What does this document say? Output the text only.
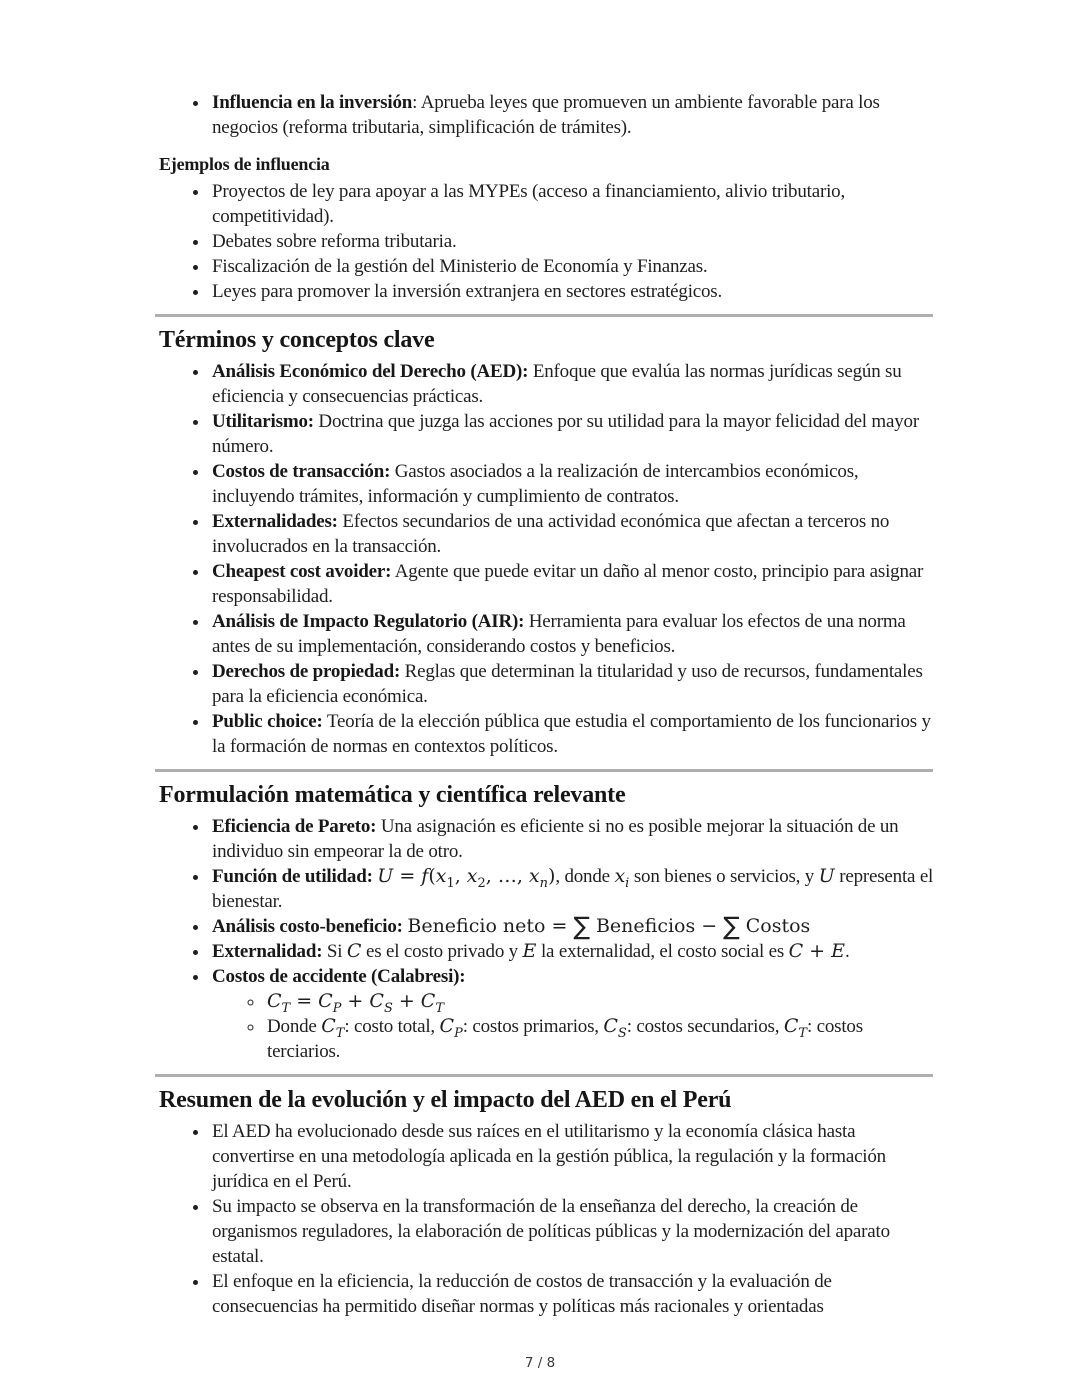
• Influencia en la inversión: Aprueba leyes que promueven un ambiente favorable para los negocios (reforma tributaria, simplificación de trámites).
Ejemplos de influencia
• Proyectos de ley para apoyar a las MYPEs (acceso a financiamiento, alivio tributario, competitividad).
• Debates sobre reforma tributaria.
• Fiscalización de la gestión del Ministerio de Economía y Finanzas.
• Leyes para promover la inversión extranjera en sectores estratégicos.
Términos y conceptos clave
• Análisis Económico del Derecho (AED): Enfoque que evalúa las normas jurídicas según su eficiencia y consecuencias prácticas.
• Utilitarismo: Doctrina que juzga las acciones por su utilidad para la mayor felicidad del mayor número.
• Costos de transacción: Gastos asociados a la realización de intercambios económicos, incluyendo trámites, información y cumplimiento de contratos.
• Externalidades: Efectos secundarios de una actividad económica que afectan a terceros no involucrados en la transacción.
• Cheapest cost avoider: Agente que puede evitar un daño al menor costo, principio para asignar responsabilidad.
• Análisis de Impacto Regulatorio (AIR): Herramienta para evaluar los efectos de una norma antes de su implementación, considerando costos y beneficios.
• Derechos de propiedad: Reglas que determinan la titularidad y uso de recursos, fundamentales para la eficiencia económica.
• Public choice: Teoría de la elección pública que estudia el comportamiento de los funcionarios y la formación de normas en contextos políticos.
Formulación matemática y científica relevante
• Eficiencia de Pareto: Una asignación es eficiente si no es posible mejorar la situación de un individuo sin empeorar la de otro.
• Función de utilidad: $U = f(x_1$, $x_2$, …, $x_n$), donde $x_i$ son bienes o servicios, y U representa el bienestar.
• Análisis costo-beneficio: Beneficio neto = ∑ Beneficios − ∑ Costos
• Externalidad: Si C es el costo privado y E la externalidad, el costo social es C + E.
• Costos de accidente (Calabresi):
◦ $C_T = C_P + C_S + C_T$
◦ Donde $C_T$: costo total, $C_P$: costos primarios, $C_S$: costos secundarios, $C_T$: costos terciarios.
Resumen de la evolución y el impacto del AED en el Perú
• El AED ha evolucionado desde sus raíces en el utilitarismo y la economía clásica hasta convertirse en una metodología aplicada en la gestión pública, la regulación y la formación jurídica en el Perú.
• Su impacto se observa en la transformación de la enseñanza del derecho, la creación de organismos reguladores, la elaboración de políticas públicas y la modernización del aparato estatal.
• El enfoque en la eficiencia, la reducción de costos de transacción y la evaluación de consecuencias ha permitido diseñar normas y políticas más racionales y orientadas
7 / 8
